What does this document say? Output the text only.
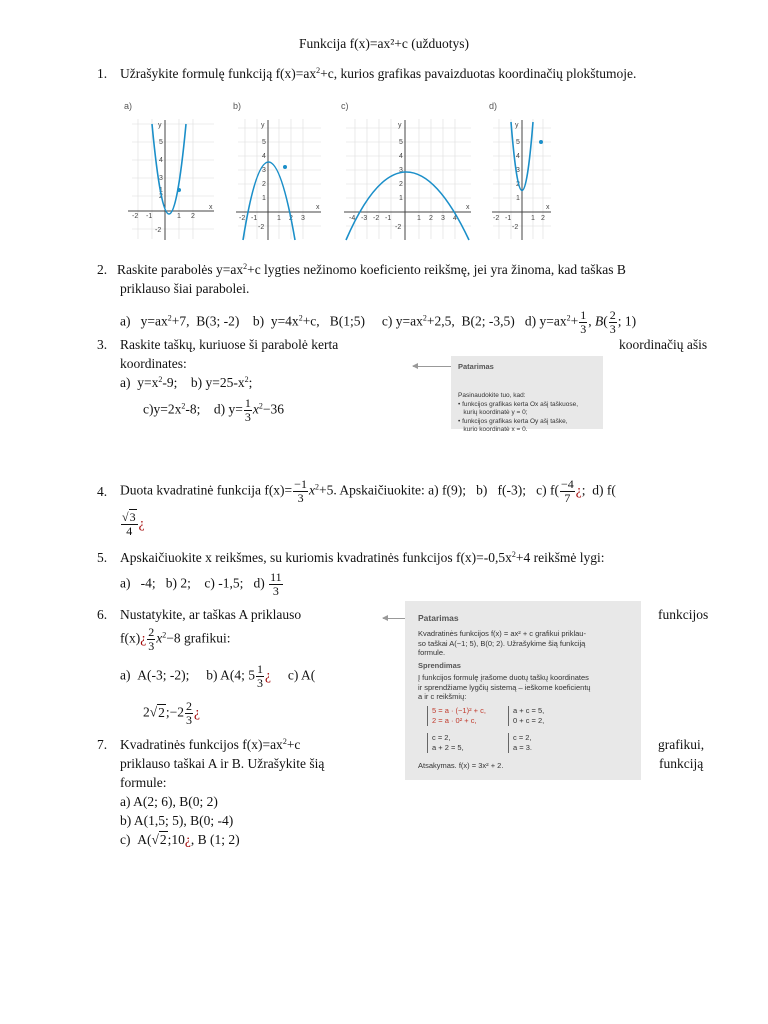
Funkcija f(x)=ax²+c (užduotys)
1. Užrašykite formulę funkciją $f(x)=ax^2+c$, kurios grafikas pavaizduotas koordinačių plokštumoje.
a)	b)	c)	d)
y
x
-2 -1	1 2
5
4
3
2
1
-2
y
x
-2 -1	1 2 3
5
4
3
2
1
-2
y
x
-4 -3 -2 -1	1 2 3 4
5
4
3
2
1
-2
y
x
-2 -1	1 2
5
4
3
2
1
-2
2. Raskite parabolės $y=ax^2+c$ lygties nežinomo koeficiento reikšmę, jei yra žinoma, kad taškas B
priklauso šiai parabolei.
a)   $y=ax^2+7$,  B(3; -2)    b)  $y=4x^2+c$,   B(1;5)     c) $y=ax^2+2,5$,  B(2; -3,5)   d) $y=ax^2+ \frac{1}{3}$ , $B( \frac{2}{3}$ ; 1)
3. Raskite taškų, kuriuose ši parabolė kerta	koordinačių ašis
koordinates:
a)  $y=x^2-9$;    b) $y=25-x^2$;
$c)y=2x^2-8$;    d) $y= \frac{1}{3} x^2-36$
Patarimas

Pasinaudokite tuo, kad:
• funkcijos grafikas kerta Ox ašį taškuose,
kurių koordinatė y = 0;
• funkcijos grafikas kerta Oy ašį taške,
kurio koordinatė x = 0.

4. Duota kvadratinė funkcija $f(x)= \frac{-1}{3} x^2+5$. Apskaičiuokite: a) f(9);   b)   f(-3);   c) $f( \frac{-4}{7}$ ¿;  d) f(
$\frac{√3}{4}$ ¿
5. Apskaičiuokite x reikšmes, su kuriomis kvadratinės funkcijos $f(x)=-0,5x^2+4$ reikšmė lygi:
a)   -4;   b) 2;    c) -1,5;   $d) \frac{11}{3}$
6. Nustatykite, ar taškas A priklauso	funkcijos
f(x)¿ $\frac{2}{3} x^2-8$ grafikui:
a)  A(-3; -2);     b) A(4; $5 \frac{1}{3}$ ¿     c) A(
2√2;−2 $\frac{2}{3}$ ¿
Patarimas
Kvadratinės funkcijos f(x) = ax² + c grafikui priklau-
so taškai A(−1; 5), B(0; 2). Užrašykime šią funkciją
formule.
Sprendimas
Į funkcijos formulę įrašome duotų taškų koordinates
ir sprendžiame lygčių sistemą – ieškome koeficientų
a ir c reikšmių:
5 = a · (−1)² + c,
2 = a · 0² + c,
a + c = 5,
0 + c = 2,
c = 2,
a + 2 = 5,
c = 2,
a = 3.
Atsakymas. f(x) = 3x² + 2.
7. Kvadratinės funkcijos $f(x)=ax^2+c$	grafikui,
priklauso taškai A ir B. Užrašykite šią	funkciją
formule:
a) A(2; 6), B(0; 2)
b) A(1,5; 5), B(0; -4)
c)  A(√2;10¿, B (1; 2)
